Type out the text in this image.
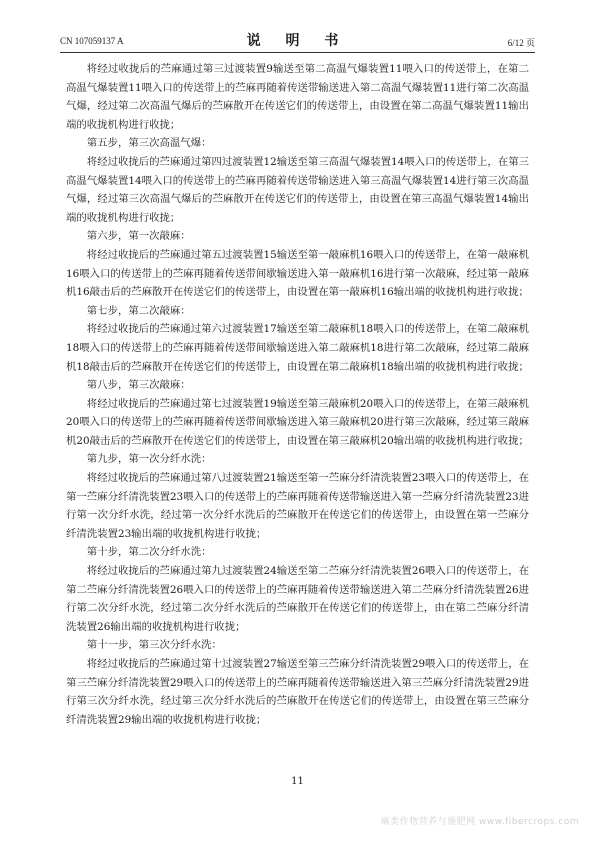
CN 107059137 A	说 明 书	6/12 页

将经过收拢后的苎麻通过第三过渡装置9输送至第二高温气爆装置11喂入口的传送带上，在第二高温气爆装置11喂入口的传送带上的苎麻再随着传送带输送进入第二高温气爆装置11进行第二次高温气爆，经过第二次高温气爆后的苎麻散开在传送它们的传送带上，由设置在第二高温气爆装置11输出端的收拢机构进行收拢；

第五步，第三次高温气爆：

将经过收拢后的苎麻通过第四过渡装置12输送至第三高温气爆装置14喂入口的传送带上，在第三高温气爆装置14喂入口的传送带上的苎麻再随着传送带输送进入第三高温气爆装置14进行第三次高温气爆，经过第三次高温气爆后的苎麻散开在传送它们的传送带上，由设置在第三高温气爆装置14输出端的收拢机构进行收拢；

第六步，第一次敲麻：

将经过收拢后的苎麻通过第五过渡装置15输送至第一敲麻机16喂入口的传送带上，在第一敲麻机16喂入口的传送带上的苎麻再随着传送带间歇输送进入第一敲麻机16进行第一次敲麻，经过第一敲麻机16敲击后的苎麻散开在传送它们的传送带上，由设置在第一敲麻机16输出端的收拢机构进行收拢；

第七步，第二次敲麻：

将经过收拢后的苎麻通过第六过渡装置17输送至第二敲麻机18喂入口的传送带上，在第二敲麻机18喂入口的传送带上的苎麻再随着传送带间歇输送进入第二敲麻机18进行第二次敲麻，经过第二敲麻机18敲击后的苎麻散开在传送它们的传送带上，由设置在第二敲麻机18输出端的收拢机构进行收拢；

第八步，第三次敲麻：

将经过收拢后的苎麻通过第七过渡装置19输送至第三敲麻机20喂入口的传送带上，在第三敲麻机20喂入口的传送带上的苎麻再随着传送带间歇输送进入第三敲麻机20进行第三次敲麻，经过第三敲麻机20敲击后的苎麻散开在传送它们的传送带上，由设置在第三敲麻机20输出端的收拢机构进行收拢；

第九步，第一次分纤水洗：

将经过收拢后的苎麻通过第八过渡装置21输送至第一苎麻分纤清洗装置23喂入口的传送带上，在第一苎麻分纤清洗装置23喂入口的传送带上的苎麻再随着传送带输送进入第一苎麻分纤清洗装置23进行第一次分纤水洗，经过第一次分纤水洗后的苎麻散开在传送它们的传送带上，由设置在第一苎麻分纤清洗装置23输出端的收拢机构进行收拢；

第十步，第二次分纤水洗：

将经过收拢后的苎麻通过第九过渡装置24输送至第二苎麻分纤清洗装置26喂入口的传送带上，在第二苎麻分纤清洗装置26喂入口的传送带上的苎麻再随着传送带输送进入第二苎麻分纤清洗装置26进行第二次分纤水洗，经过第二次分纤水洗后的苎麻散开在传送它们的传送带上，由在第二苎麻分纤清洗装置26输出端的收拢机构进行收拢；

第十一步，第三次分纤水洗：

将经过收拢后的苎麻通过第十过渡装置27输送至第三苎麻分纤清洗装置29喂入口的传送带上，在第三苎麻分纤清洗装置29喂入口的传送带上的苎麻再随着传送带输送进入第三苎麻分纤清洗装置29进行第三次分纤水洗，经过第三次分纤水洗后的苎麻散开在传送它们的传送带上，由设置在第三苎麻分纤清洗装置29输出端的收拢机构进行收拢；

11
麻类作物营养与施肥网 www.fibercrops.com
